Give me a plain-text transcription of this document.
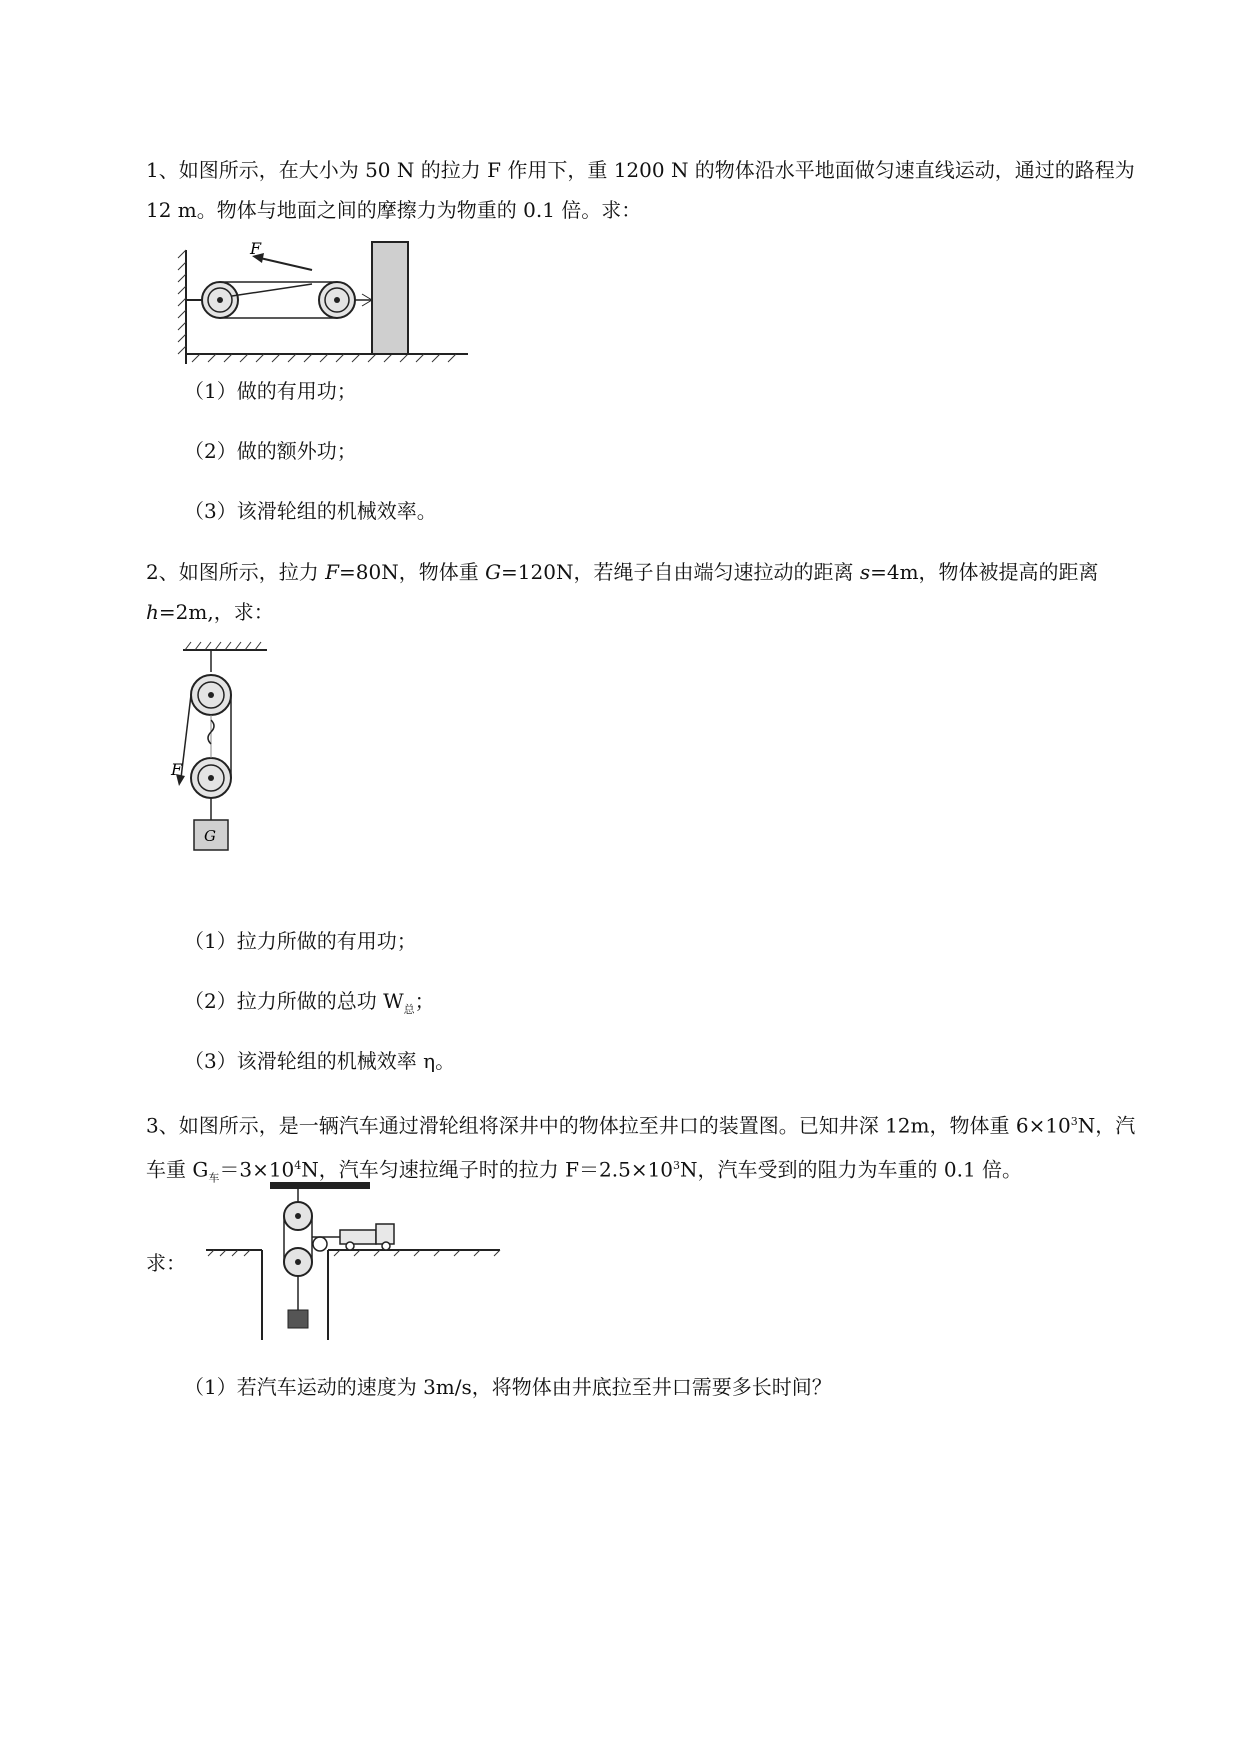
1、如图所示，在大小为 50 N 的拉力 F 作用下，重 1200 N 的物体沿水平地面做匀速直线运动，通过的路程为 12 m。物体与地面之间的摩擦力为物重的 0.1 倍。求：

F

（1）做的有用功；

（2）做的额外功；

（3）该滑轮组的机械效率。

2、如图所示，拉力 F=80N，物体重 G=120N，若绳子自由端匀速拉动的距离 s=4m，物体被提高的距离 h=2m,，求：

F
G

（1）拉力所做的有用功；

（2）拉力所做的总功 $W_总$；

（3）该滑轮组的机械效率 η。

3、如图所示，是一辆汽车通过滑轮组将深井中的物体拉至井口的装置图。已知井深 12m，物体重 $6\times 10^3N$，汽车重 $G_车=3\times 10^4N$，汽车匀速拉绳子时的拉力 $F=2.5\times 10^3N$，汽车受到的阻力为车重的 0.1 倍。

求：

（1）若汽车运动的速度为 3m/s，将物体由井底拉至井口需要多长时间？
